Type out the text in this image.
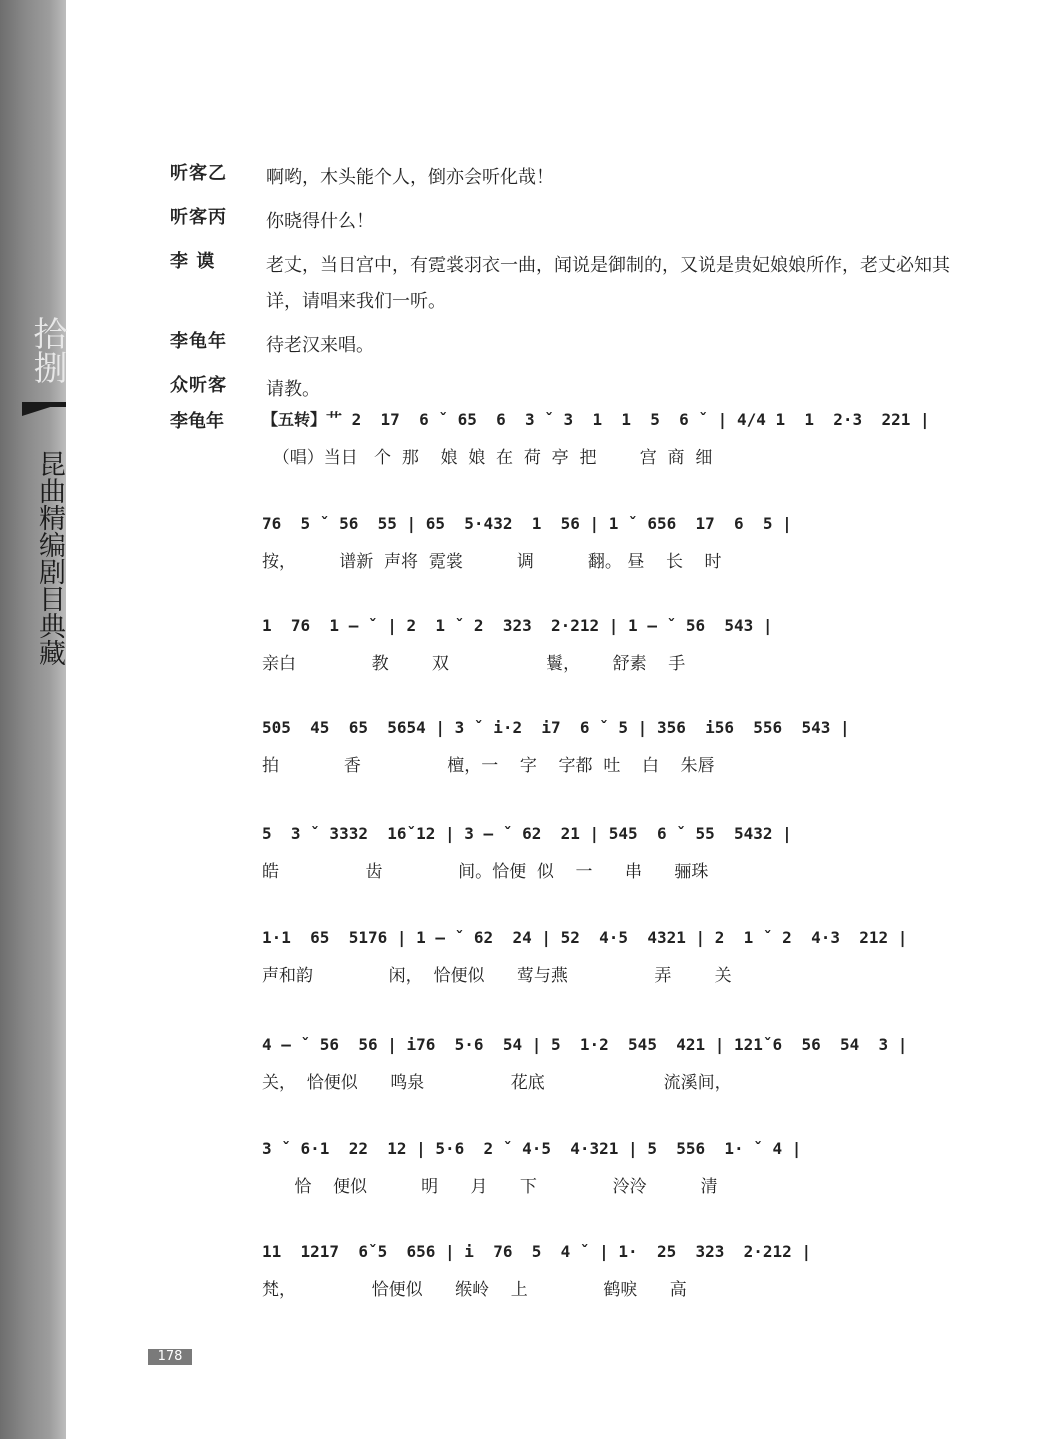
拾捌
昆曲精编剧目典藏
听客乙	啊哟，木头能个人，倒亦会听化哉！
听客丙	你晓得什么！
李 谟	老丈，当日宫中，有霓裳羽衣一曲，闻说是御制的，又说是贵妃娘娘所作，老丈必知其详，请唱来我们一听。
李龟年	待老汉来唱。
众听客	请教。
李龟年 【五转】艹 2  17  6 ˇ 65  6  3 ˇ 3  1  1  5  6 ˇ | 4/4 1  1  2·3  221 |
（唱）当日   个  那    娘  娘  在  荷  亭  把        宫  商  细
76  5 ˇ 56  55 | 65  5·432  1  56 | 1 ˇ 656  17  6  5 |
按，        谱新  声将  霓裳          调          翻。 昼    长    时
1  76  1 — ˇ | 2  1 ˇ 2  323  2·212 | 1 — ˇ 56  543 |
亲白              教        双                  鬟，      舒素    手
505  45  65  5654 | 3 ˇ i·2  i7  6 ˇ 5 | 356  i56  556  543 |
拍            香                檀，一    字    字都  吐    白    朱唇
5  3 ˇ 3332  16ˇ12 | 3 — ˇ 62  21 | 545  6 ˇ 55  5432 |
皓                齿              间。恰便  似    一      串      骊珠
1·1  65  5176 | 1 — ˇ 62  24 | 52  4·5  4321 | 2  1 ˇ 2  4·3  212 |
声和韵              闲，  恰便似      莺与燕                弄        关
4 — ˇ 56  56 | i76  5·6  54 | 5  1·2  545  421 | 121ˇ6  56  54  3 |
关，  恰便似      鸣泉                花底                      流溪间，
3 ˇ 6·1  22  12 | 5·6  2 ˇ 4·5  4·321 | 5  556  1· ˇ 4 |
恰    便似          明      月      下              泠泠          清
11  1217  6ˇ5  656 | i  76  5  4 ˇ | 1·  25  323  2·212 |
梵，              恰便似      缑岭    上              鹤唳      高
178
